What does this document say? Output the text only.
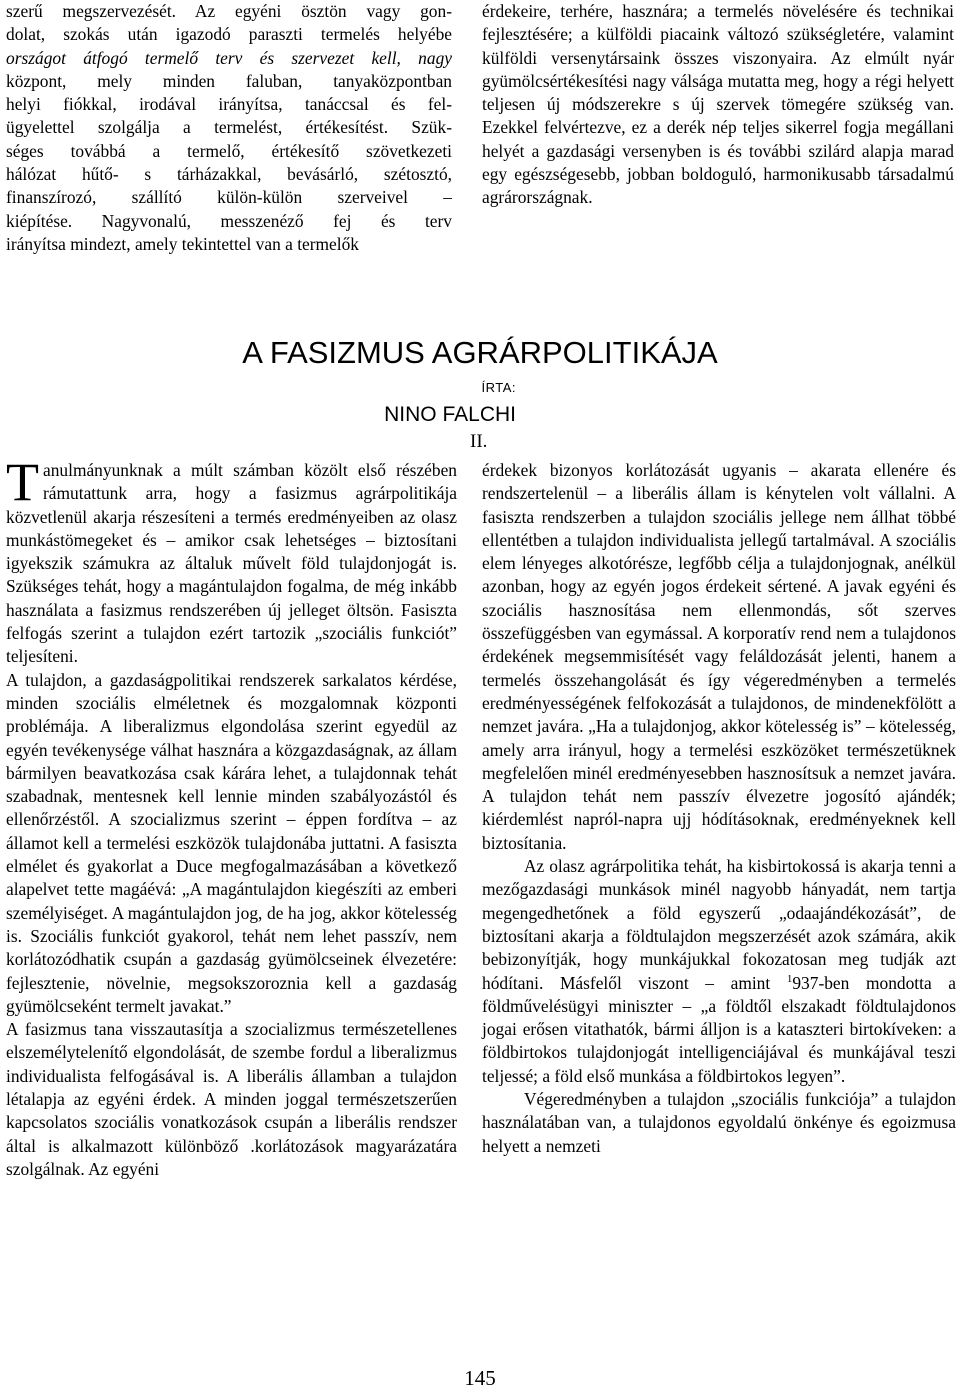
szerű megszervezését. Az egyéni ösztön vagy gon-

dolat, szokás után igazodó paraszti termelés helyébe

országot átfogó termelő terv és szervezet kell, nagy

központ, mely minden faluban, tanyaközpontban

helyi fiókkal, irodával irányítsa, tanáccsal és fel-

ügyelettel szolgálja a termelést, értékesítést. Szük-

séges továbbá a termelő, értékesítő szövetkezeti

hálózat hűtő- s tárházakkal, bevásárló, szétosztó,

finanszírozó, szállító külön-külön szerveivel –

kiépítése. Nagyvonalú, messzenéző fej és terv

irányítsa mindezt, amely tekintettel van a termelők

érdekeire, terhére, hasznára; a termelés növelésére és technikai fejlesztésére; a külföldi piacaink változó szükségletére, valamint külföldi versenytársaink összes viszonyaira. Az elmúlt nyár gyümölcsértékesítési nagy válsága mutatta meg, hogy a régi helyett teljesen új módszerekre s új szervek tömegére szükség van. Ezekkel felvértezve, ez a derék nép teljes sikerrel fogja megállani helyét a gazdasági versenyben is és további szilárd alapja marad egy egészségesebb, jobban boldoguló, harmonikusabb társadalmú agrárországnak.

A FASIZMUS AGRÁRPOLITIKÁJA
ÍRTA:
NINO FALCHI
II.

Tanulmányunknak a múlt számban közölt első részében rámutattunk arra, hogy a fasizmus agrárpolitikája közvetlenül akarja részesíteni a termés eredményeiben az olasz munkástömegeket és – amikor csak lehetséges – biztosítani igyekszik számukra az általuk művelt föld tulajdonjogát is. Szükséges tehát, hogy a magántulajdon fogalma, de még inkább használata a fasizmus rendszerében új jelleget öltsön. Fasiszta felfogás szerint a tulajdon ezért tartozik „szociális funkciót” teljesíteni.

A tulajdon, a gazdaságpolitikai rendszerek sarkalatos kérdése, minden szociális elméletnek és mozgalomnak központi problémája. A liberalizmus elgondolása szerint egyedül az egyén tevékenysége válhat hasznára a közgazdaságnak, az állam bármilyen beavatkozása csak kárára lehet, a tulajdonnak tehát szabadnak, mentesnek kell lennie minden szabályozástól és ellenőrzéstől. A szocializmus szerint – éppen fordítva – az államot kell a termelési eszközök tulajdonába juttatni. A fasiszta elmélet és gyakorlat a Duce megfogalmazásában a következő alapelvet tette magáévá: „A magántulajdon kiegészíti az emberi személyiséget. A magántulajdon jog, de ha jog, akkor kötelesség is. Szociális funkciót gyakorol, tehát nem lehet passzív, nem korlátozódhatik csupán a gazdaság gyümölcseinek élvezetére: fejlesztenie, növelnie, megsokszoroznia kell a gazdaság gyümölcseként termelt javakat.”

A fasizmus tana visszautasítja a szocializmus természetellenes elszemélytelenítő elgondolását, de szembe fordul a liberalizmus individualista felfogásával is. A liberális államban a tulajdon létalapja az egyéni érdek. A minden joggal természetszerűen kapcsolatos szociális vonatkozások csupán a liberális rendszer által is alkalmazott különböző .korlátozások magyarázatára szolgálnak. Az egyéni

érdekek bizonyos korlátozását ugyanis – akarata ellenére és rendszertelenül – a liberális állam is kénytelen volt vállalni. A fasiszta rendszerben a tulajdon szociális jellege nem állhat többé ellentétben a tulajdon individualista jellegű tartalmával. A szociális elem lényeges alkotórésze, legfőbb célja a tulajdonjognak, anélkül azonban, hogy az egyén jogos érdekeit sértené. A javak egyéni és szociális hasznosítása nem ellenmondás, sőt szerves összefüggésben van egymással. A korporatív rend nem a tulajdonos érdekének megsemmisítését vagy feláldozását jelenti, hanem a termelés összehangolását és így végeredményben a termelés eredményességének felfokozását a tulajdonos, de mindenekfölött a nemzet javára. „Ha a tulajdonjog, akkor kötelesség is” – kötelesség, amely arra irányul, hogy a termelési eszközöket természetüknek megfelelően minél eredményesebben hasznosítsuk a nemzet javára. A tulajdon tehát nem passzív élvezetre jogosító ajándék; kiérdemlést napról-napra ujj hódításoknak, eredményeknek kell biztosítania.

Az olasz agrárpolitika tehát, ha kisbirtokossá is akarja tenni a mezőgazdasági munkások minél nagyobb hányadát, nem tartja megengedhetőnek a föld egyszerű „odaajándékozását”, de biztosítani akarja a földtulajdon megszerzését azok számára, akik bebizonyítják, hogy munkájukkal fokozatosan meg tudják azt hódítani. Másfelől viszont – amint $^1$937-ben mondotta a földművelésügyi miniszter – „a földtől elszakadt földtulajdonos jogai erősen vitathatók, bármi álljon is a kataszteri birtokíveken: a földbirtokos tulajdonjogát intelligenciájával és munkájával teszi teljessé; a föld első munkása a földbirtokos legyen”.

Végeredményben a tulajdon „szociális funkciója” a tulajdon használatában van, a tulajdonos egyoldalú önkénye és egoizmusa helyett a nemzeti

145
